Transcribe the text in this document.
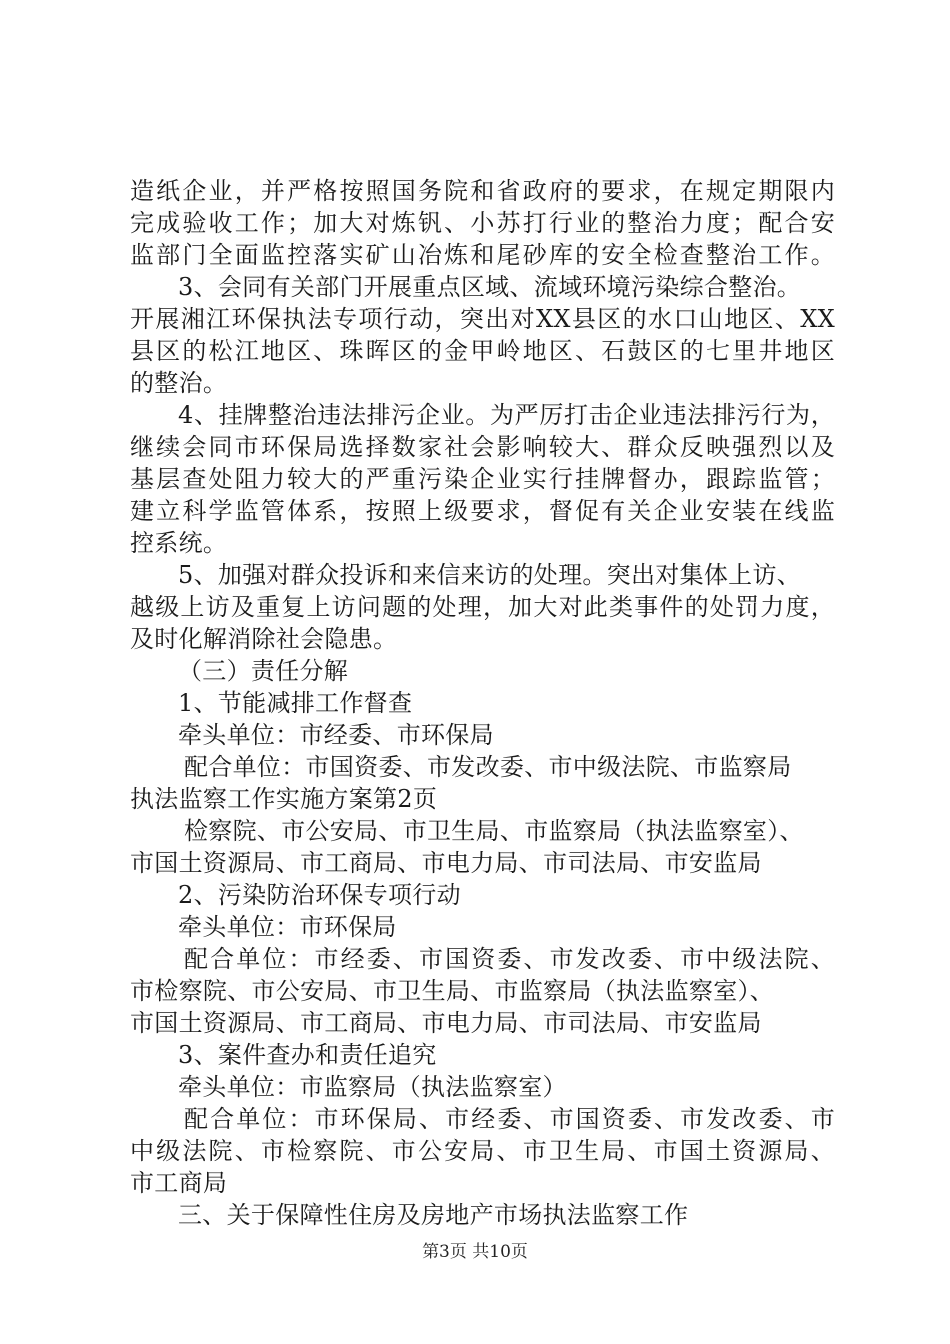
造纸企业，并严格按照国务院和省政府的要求，在规定期限内
完成验收工作；加大对炼钒、小苏打行业的整治力度；配合安
监部门全面监控落实矿山冶炼和尾砂库的安全检查整治工作。
3、会同有关部门开展重点区域、流域环境污染综合整治。
开展湘江环保执法专项行动，突出对XX县区的水口山地区、XX
县区的松江地区、珠晖区的金甲岭地区、石鼓区的七里井地区
的整治。
4、挂牌整治违法排污企业。为严厉打击企业违法排污行为，
继续会同市环保局选择数家社会影响较大、群众反映强烈以及
基层查处阻力较大的严重污染企业实行挂牌督办，跟踪监管；
建立科学监管体系，按照上级要求，督促有关企业安装在线监
控系统。
5、加强对群众投诉和来信来访的处理。突出对集体上访、
越级上访及重复上访问题的处理，加大对此类事件的处罚力度，
及时化解消除社会隐患。
（三）责任分解
1、节能减排工作督查
牵头单位：市经委、市环保局
配合单位：市国资委、市发改委、市中级法院、市监察局
执法监察工作实施方案第2页
检察院、市公安局、市卫生局、市监察局（执法监察室）、
市国土资源局、市工商局、市电力局、市司法局、市安监局
2、污染防治环保专项行动
牵头单位：市环保局
配合单位：市经委、市国资委、市发改委、市中级法院、
市检察院、市公安局、市卫生局、市监察局（执法监察室）、
市国土资源局、市工商局、市电力局、市司法局、市安监局
3、案件查办和责任追究
牵头单位：市监察局（执法监察室）
配合单位：市环保局、市经委、市国资委、市发改委、市
中级法院、市检察院、市公安局、市卫生局、市国土资源局、
市工商局
三、关于保障性住房及房地产市场执法监察工作
第3页 共10页
